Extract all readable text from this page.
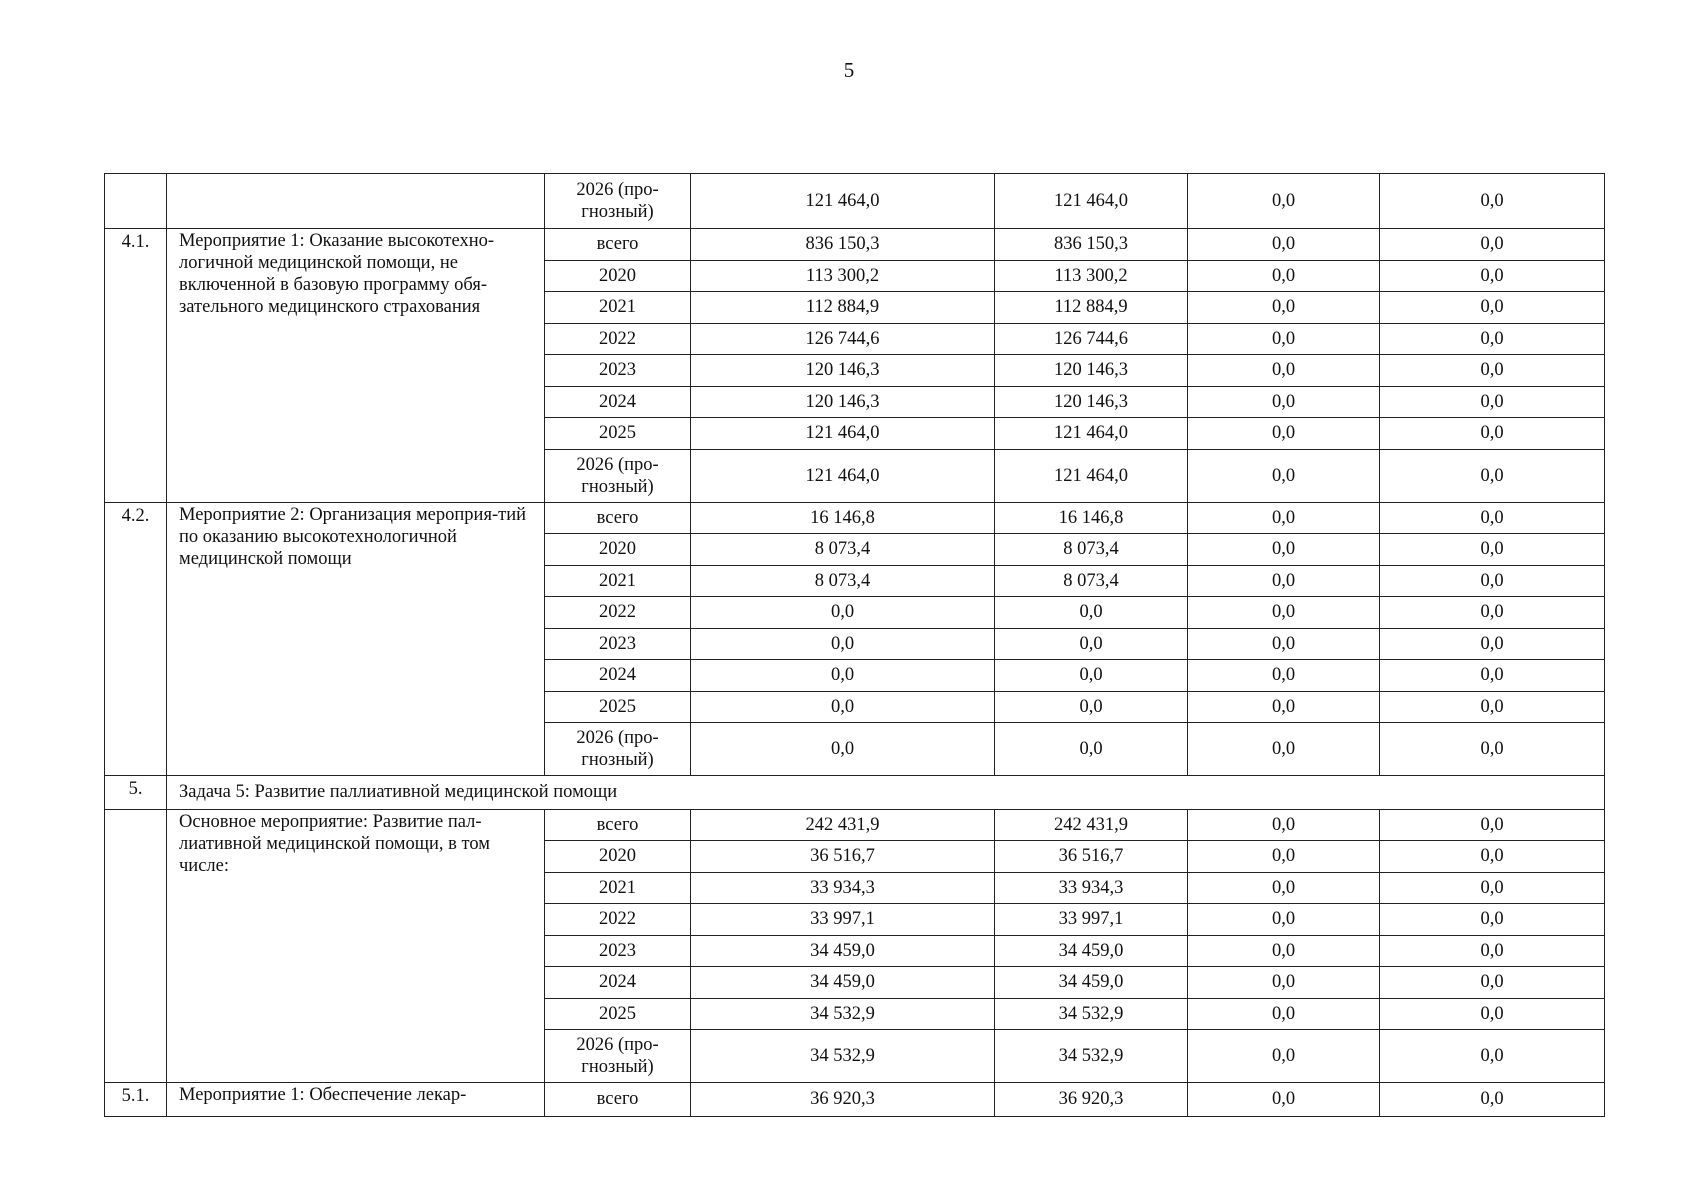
5
		2026 (про-гнозный)	121 464,0	121 464,0	0,0	0,0
4.1.	Мероприятие 1: Оказание высокотехно-логичной медицинской помощи, не включенной в базовую программу обя-зательного медицинского страхования	всего	836 150,3	836 150,3	0,0	0,0
		2020	113 300,2	113 300,2	0,0	0,0
		2021	112 884,9	112 884,9	0,0	0,0
		2022	126 744,6	126 744,6	0,0	0,0
		2023	120 146,3	120 146,3	0,0	0,0
		2024	120 146,3	120 146,3	0,0	0,0
		2025	121 464,0	121 464,0	0,0	0,0
		2026 (про-гнозный)	121 464,0	121 464,0	0,0	0,0
4.2.	Мероприятие 2: Организация мероприя-тий по оказанию высокотехнологичной медицинской помощи	всего	16 146,8	16 146,8	0,0	0,0
		2020	8 073,4	8 073,4	0,0	0,0
		2021	8 073,4	8 073,4	0,0	0,0
		2022	0,0	0,0	0,0	0,0
		2023	0,0	0,0	0,0	0,0
		2024	0,0	0,0	0,0	0,0
		2025	0,0	0,0	0,0	0,0
		2026 (про-гнозный)	0,0	0,0	0,0	0,0
5.	Задача 5: Развитие паллиативной медицинской помощи					
	Основное мероприятие: Развитие пал-лиативной медицинской помощи, в том числе:	всего	242 431,9	242 431,9	0,0	0,0
		2020	36 516,7	36 516,7	0,0	0,0
		2021	33 934,3	33 934,3	0,0	0,0
		2022	33 997,1	33 997,1	0,0	0,0
		2023	34 459,0	34 459,0	0,0	0,0
		2024	34 459,0	34 459,0	0,0	0,0
		2025	34 532,9	34 532,9	0,0	0,0
		2026 (про-гнозный)	34 532,9	34 532,9	0,0	0,0
5.1.	Мероприятие 1: Обеспечение лекар-	всего	36 920,3	36 920,3	0,0	0,0
